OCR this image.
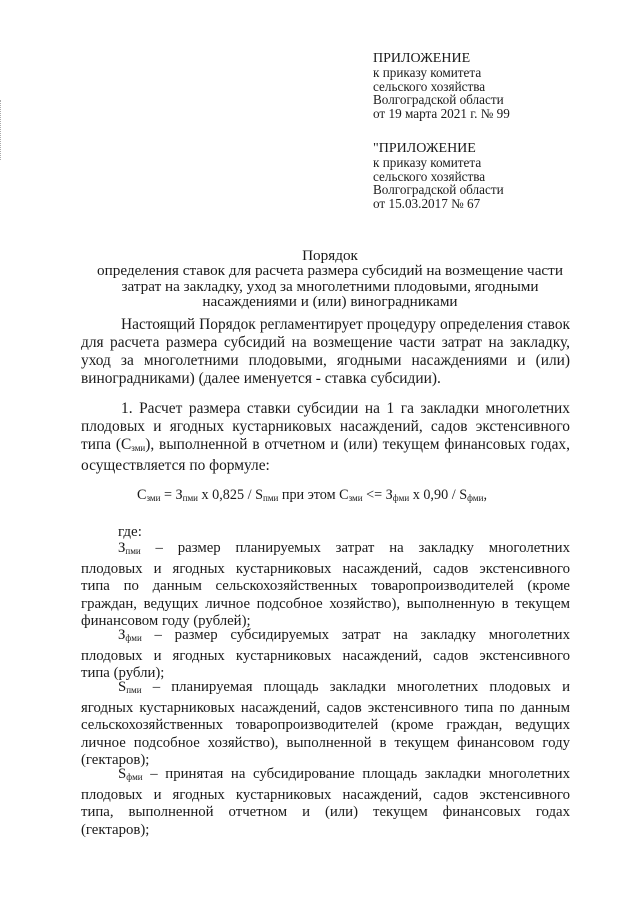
ПРИЛОЖЕНИЕ
к приказу комитета
сельского хозяйства
Волгоградской области
от 19 марта 2021 г. № 99
"ПРИЛОЖЕНИЕ
к приказу комитета
сельского хозяйства
Волгоградской области
от 15.03.2017 № 67
Порядок
определения ставок для расчета размера субсидий на возмещение части
затрат на закладку, уход за многолетними плодовыми, ягодными
насаждениями и (или) виноградниками
Настоящий Порядок регламентирует процедуру определения ставок
для расчета размера субсидий на возмещение части затрат на закладку,
уход за многолетними плодовыми, ягодными насаждениями и (или)
виноградниками) (далее именуется - ставка субсидии).
1. Расчет размера ставки субсидии на 1 га закладки многолетних
плодовых и ягодных кустарниковых насаждений, садов экстенсивного
типа $(С_{зми})$, выполненной в отчетном и (или) текущем финансовых годах,
осуществляется по формуле:
$С_{зми} = З_{пми}$ x $0,825 / S_{пми}$ при этом $С_{зми} <= З_{фми}$ x $0,90 / S_{фми}$,
где:
$З_{пми}$ – размер планируемых затрат на закладку многолетних
плодовых и ягодных кустарниковых насаждений, садов экстенсивного
типа по данным сельскохозяйственных товаропроизводителей (кроме
граждан, ведущих личное подсобное хозяйство), выполненную в текущем
финансовом году (рублей);
$З_{фми}$ – размер субсидируемых затрат на закладку многолетних
плодовых и ягодных кустарниковых насаждений, садов экстенсивного
типа (рубли);
$S_{пми}$ – планируемая площадь закладки многолетних плодовых и
ягодных кустарниковых насаждений, садов экстенсивного типа по данным
сельскохозяйственных товаропроизводителей (кроме граждан, ведущих
личное подсобное хозяйство), выполненной в текущем финансовом году
(гектаров);
$S_{фми}$ – принятая на субсидирование площадь закладки многолетних
плодовых и ягодных кустарниковых насаждений, садов экстенсивного
типа, выполненной отчетном и (или) текущем финансовых годах
(гектаров);
